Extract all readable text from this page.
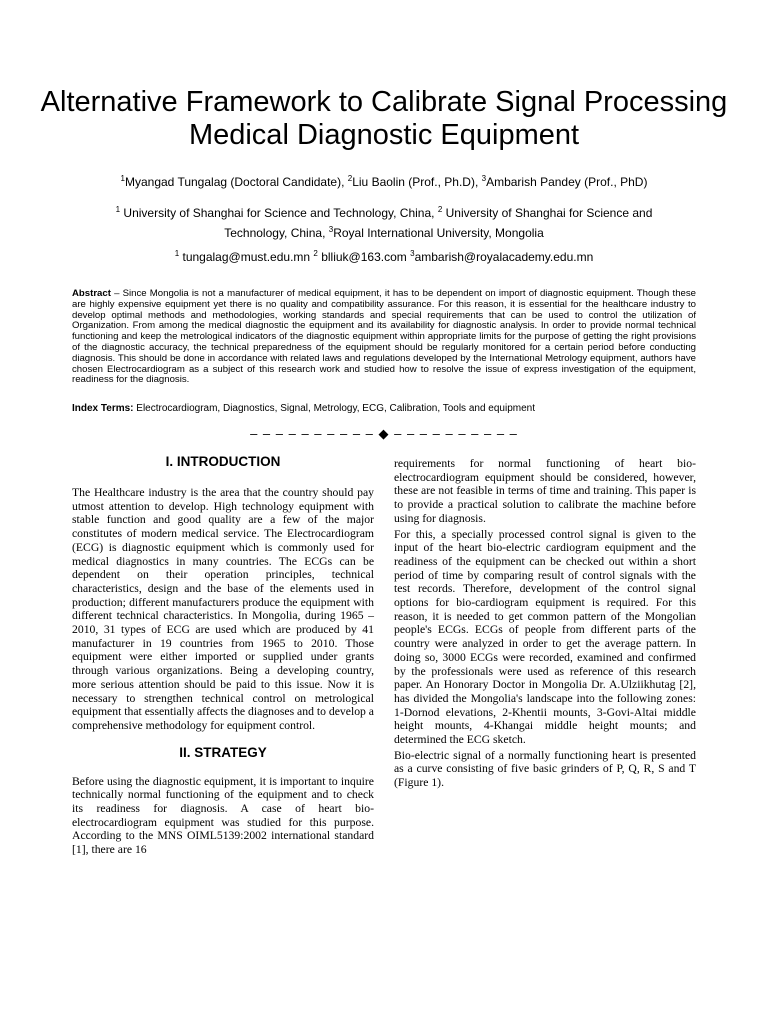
Alternative Framework to Calibrate Signal Processing Medical Diagnostic Equipment
$^1$Myangad Tungalag (Doctoral Candidate), $^2$Liu Baolin (Prof., Ph.D), $^3$Ambarish Pandey (Prof., PhD)
$^1$ University of Shanghai for Science and Technology, China, $^2$ University of Shanghai for Science and Technology, China, $^3$Royal International University, Mongolia
$^1$ tungalag@must.edu.mn $^2$ blliuk@163.com $^3$ambarish@royalacademy.edu.mn
Abstract – Since Mongolia is not a manufacturer of medical equipment, it has to be dependent on import of diagnostic equipment. Though these are highly expensive equipment yet there is no quality and compatibility assurance. For this reason, it is essential for the healthcare industry to develop optimal methods and methodologies, working standards and special requirements that can be used to control the utilization of Organization. From among the medical diagnostic the equipment and its availability for diagnostic analysis. In order to provide normal technical functioning and keep the metrological indicators of the diagnostic equipment within appropriate limits for the purpose of getting the right provisions of the diagnostic accuracy, the technical preparedness of the equipment should be regularly monitored for a certain period before conducting diagnosis. This should be done in accordance with related laws and regulations developed by the International Metrology equipment, authors have chosen Electrocardiogram as a subject of this research work and studied how to resolve the issue of express investigation of the equipment, readiness for the diagnosis.
Index Terms: Electrocardiogram, Diagnostics, Signal, Metrology, ECG, Calibration, Tools and equipment
– – – – – – – – – – ◆ – – – – – – – – – –
I. INTRODUCTION

The Healthcare industry is the area that the country should pay utmost attention to develop. High technology equipment with stable function and good quality are a few of the major constitutes of modern medical service. The Electrocardiogram (ECG) is diagnostic equipment which is commonly used for medical diagnostics in many countries. The ECGs can be dependent on their operation principles, technical characteristics, design and the base of the elements used in production; different manufacturers produce the equipment with different technical characteristics. In Mongolia, during 1965 – 2010, 31 types of ECG are used which are produced by 41 manufacturer in 19 countries from 1965 to 2010. Those equipment were either imported or supplied under grants through various organizations. Being a developing country, more serious attention should be paid to this issue. Now it is necessary to strengthen technical control on metrological equipment that essentially affects the diagnoses and to develop a comprehensive methodology for equipment control.

II. STRATEGY

Before using the diagnostic equipment, it is important to inquire technically normal functioning of the equipment and to check its readiness for diagnosis. A case of heart bio-electrocardiogram equipment was studied for this purpose. According to the MNS OIML5139:2002 international standard [1], there are 16

requirements for normal functioning of heart bio-electrocardiogram equipment should be considered, however, these are not feasible in terms of time and training. This paper is to provide a practical solution to calibrate the machine before using for diagnosis.

For this, a specially processed control signal is given to the input of the heart bio-electric cardiogram equipment and the readiness of the equipment can be checked out within a short period of time by comparing result of control signals with the test records. Therefore, development of the control signal options for bio-cardiogram equipment is required. For this reason, it is needed to get common pattern of the Mongolian people's ECGs. ECGs of people from different parts of the country were analyzed in order to get the average pattern. In doing so, 3000 ECGs were recorded, examined and confirmed by the professionals were used as reference of this research paper. An Honorary Doctor in Mongolia Dr. A.Ulziikhutag [2], has divided the Mongolia's landscape into the following zones: 1-Dornod elevations, 2-Khentii mounts, 3-Govi-Altai middle height mounts, 4-Khangai middle height mounts; and determined the ECG sketch.

Bio-electric signal of a normally functioning heart is presented as a curve consisting of five basic grinders of P, Q, R, S and T (Figure 1).
